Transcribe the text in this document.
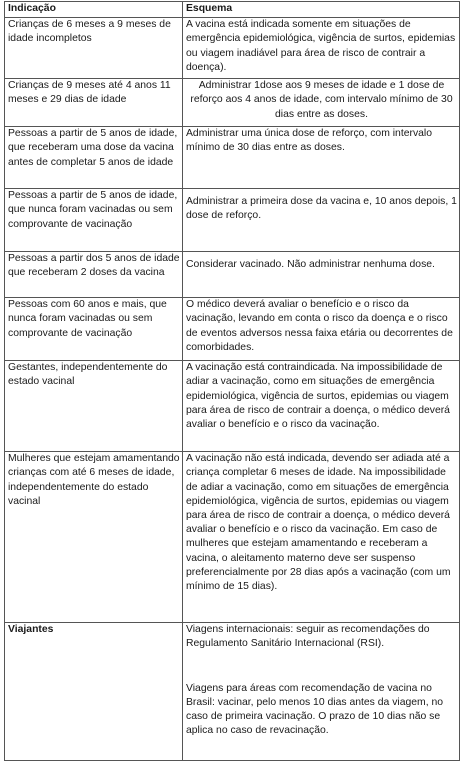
Indicação	Esquema
Crianças de 6 meses a 9 meses de idade incompletos	A vacina está indicada somente em situações de emergência epidemiológica, vigência de surtos, epidemias ou viagem inadiável para área de risco de contrair a doença).
Crianças de 9 meses até 4 anos 11 meses e 29 dias de idade	Administrar 1dose aos 9 meses de idade e 1 dose de reforço aos 4 anos de idade, com intervalo mínimo de 30 dias entre as doses.
Pessoas a partir de 5 anos de idade, que receberam uma dose da vacina antes de completar 5 anos de idade	Administrar uma única dose de reforço, com intervalo mínimo de 30 dias entre as doses.
Pessoas a partir de 5 anos de idade, que nunca foram vacinadas ou sem comprovante de vacinação	Administrar a primeira dose da vacina e, 10 anos depois, 1 dose de reforço.
Pessoas a partir dos 5 anos de idade que receberam 2 doses da vacina	Considerar vacinado. Não administrar nenhuma dose.
Pessoas com 60 anos e mais, que nunca foram vacinadas ou sem comprovante de vacinação	O médico deverá avaliar o benefício e o risco da vacinação, levando em conta o risco da doença e o risco de eventos adversos nessa faixa etária ou decorrentes de comorbidades.
Gestantes, independentemente do estado vacinal	A vacinação está contraindicada. Na impossibilidade de adiar a vacinação, como em situações de emergência epidemiológica, vigência de surtos, epidemias ou viagem para área de risco de contrair a doença, o médico deverá avaliar o benefício e o risco da vacinação.
Mulheres que estejam amamentando crianças com até 6 meses de idade, independentemente do estado vacinal	A vacinação não está indicada, devendo ser adiada até a criança completar 6 meses de idade. Na impossibilidade de adiar a vacinação, como em situações de emergência epidemiológica, vigência de surtos, epidemias ou viagem para área de risco de contrair a doença, o médico deverá avaliar o benefício e o risco da vacinação. Em caso de mulheres que estejam amamentando e receberam a vacina, o aleitamento materno deve ser suspenso preferencialmente por 28 dias após a vacinação (com um mínimo de 15 dias).
Viajantes	Viagens internacionais: seguir as recomendações do Regulamento Sanitário Internacional (RSI).
Viagens para áreas com recomendação de vacina no Brasil: vacinar, pelo menos 10 dias antes da viagem, no caso de primeira vacinação. O prazo de 10 dias não se aplica no caso de revacinação.
